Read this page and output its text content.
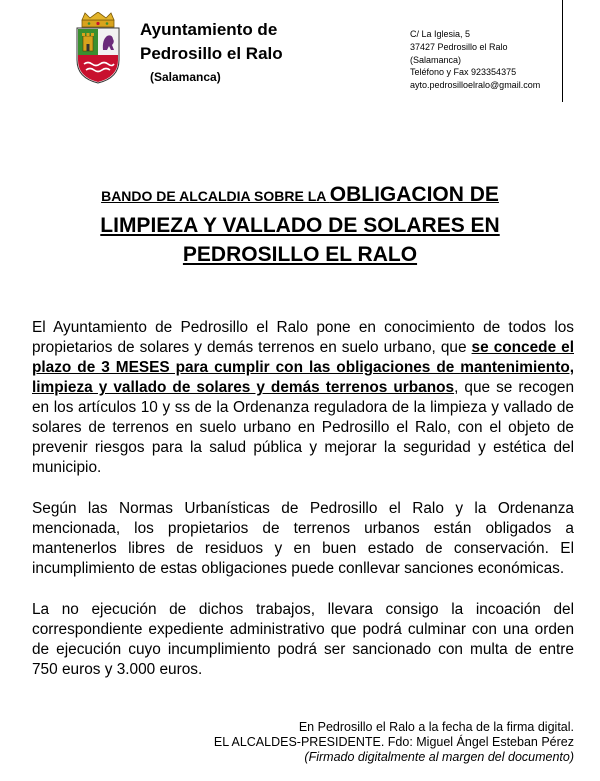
Ayuntamiento de
Pedrosillo el Ralo
(Salamanca)
C/ La Iglesia, 5
37427 Pedrosillo el Ralo
(Salamanca)
Teléfono y Fax 923354375
ayto.pedrosilloelralo@gmail.com
BANDO DE ALCALDIA SOBRE LA OBLIGACION DE
LIMPIEZA Y VALLADO DE SOLARES EN
PEDROSILLO EL RALO

El Ayuntamiento de Pedrosillo el Ralo pone en conocimiento de todos los propietarios de solares y demás terrenos en suelo urbano, que se concede el plazo de 3 MESES para cumplir con las obligaciones de mantenimiento, limpieza y vallado de solares y demás terrenos urbanos, que se recogen en los artículos 10 y ss de la Ordenanza reguladora de la limpieza y vallado de solares de terrenos en suelo urbano en Pedrosillo el Ralo, con el objeto de prevenir riesgos para la salud pública y mejorar la seguridad y estética del municipio.

Según las Normas Urbanísticas de Pedrosillo el Ralo y la Ordenanza mencionada, los propietarios de terrenos urbanos están obligados a mantenerlos libres de residuos y en buen estado de conservación. El incumplimiento de estas obligaciones puede conllevar sanciones económicas.

La no ejecución de dichos trabajos, llevara consigo la incoación del correspondiente expediente administrativo que podrá culminar con una orden de ejecución cuyo incumplimiento podrá ser sancionado con multa de entre 750 euros y 3.000 euros.

En Pedrosillo el Ralo a la fecha de la firma digital.
EL ALCALDES-PRESIDENTE. Fdo: Miguel Ángel Esteban Pérez
(Firmado digitalmente al margen del documento)
